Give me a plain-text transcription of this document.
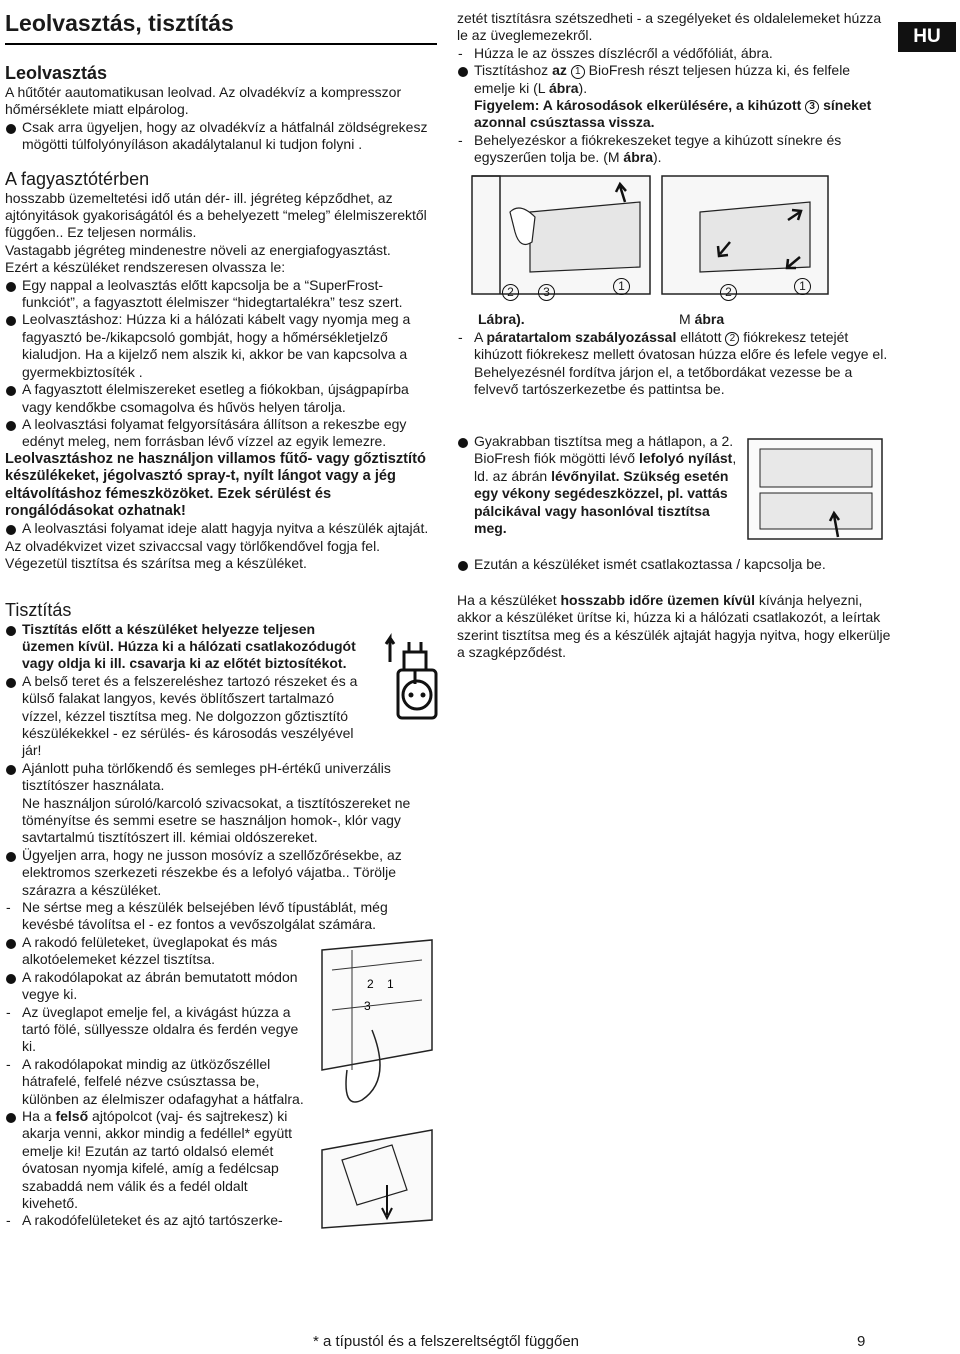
HU
Leolvasztás, tisztítás
Leolvasztás

A hűtőtér aautomatikusan leolvad. Az olvadékvíz a kompresszor hőmérséklete miatt elpárolog.

Csak arra ügyeljen, hogy az olvadékvíz a hátfalnál zöldségrekesz mögötti túlfolyónyíláson akadálytalanul ki tudjon folyni .
A fagyasztótérben

hosszabb üzemeltetési idő után dér- ill. jégréteg képződhet, az ajtónyitások gyakoriságától és a behelyezett “meleg” élelmiszerektől függően.. Ez teljesen normális.

Vastagabb jégréteg mindenestre növeli az energiafogyasztást.

Ezért a készüléket rendszeresen olvassza le:

Egy nappal a leolvasztás előtt kapcsolja be a “SuperFrost-funkciót”, a fagyasztott élelmiszer “hidegtartalékra” tesz szert.
Leolvasztáshoz: Húzza ki a hálózati kábelt vagy nyomja meg a fagyasztó be-/kikapcsoló gombját, hogy a hőmérsékletjelző kialudjon. Ha a kijelző nem alszik ki, akkor be van kapcsolva a gyermekbiztosíték .
A fagyasztott élelmiszereket esetleg a fiókokban, újságpapírba vagy kendőkbe csomagolva és hűvös helyen tárolja.
A leolvasztási folyamat felgyorsítására állítson a rekeszbe egy edényt meleg, nem forrásban lévő vízzel az egyik lemezre.

Leolvasztáshoz ne használjon villamos fűtő- vagy gőztisztító készülékeket, jégolvasztó spray-t, nyílt lángot vagy a jég eltávolításhoz fémeszközöket. Ezek sérülést és rongálódásokat ozhatnak!

A leolvasztási folyamat ideje alatt hagyja nyitva a készülék ajtaját.

Az olvadékvizet vizet szivaccsal vagy törlőkendővel fogja fel. Végezetül tisztítsa és szárítsa meg a készüléket.

Tisztítás
Tisztítás előtt a készüléket helyezze teljesen üzemen kívül. Húzza ki a hálózati csatlakozódugót vagy oldja ki ill. csavarja ki az előtét biztosítékot.
A belső teret és a felszereléshez tartozó részeket és a külső falakat langyos, kevés öblítőszert tartalmazó vízzel, kézzel tisztítsa meg. Ne dolgozzon gőztisztító készülékekkel - ez sérülés- és károsodás veszélyével jár!
Ajánlott puha törlőkendő és semleges pH-értékű univerzális tisztítószer használata.

Ne használjon súroló/karcoló szivacsokat, a tisztítószereket ne töményítse és semmi esetre se használjon homok-, klór vagy savtartalmú tisztítószert ill. kémiai oldószereket.

Ügyeljen arra, hogy ne jusson mosóvíz a szellőzőrésekbe, az elektromos szerkezeti részekbe és a lefolyó vájatba.. Törölje szárazra a készüléket.
- Ne sértse meg a készülék belsejében lévő típustáblát, még kevésbé távolítsa el - ez fontos a vevőszolgálat számára.
A rakodó felületeket, üveglapokat és más alkotóelemeket kézzel tisztítsa.
A rakodólapokat az ábrán bemutatott módon vegye ki.
- Az üveglapot emelje fel, a kivágást húzza a tartó fölé, süllyessze oldalra és ferdén vegye ki.
- A rakodólapokat mindig az ütközőszéllel hátrafelé, felfelé nézve csúsztassa be, különben az élelmiszer odafagyhat a hátfalra.
Ha a felső ajtópolcot (vaj- és sajtrekesz) ki akarja venni, akkor mindig a fedéllel* együtt emelje ki! Ezután az tartó oldalsó elemét óvatosan nyomja kifelé, amíg a fedélcsap szabaddá nem válik és a fedél oldalt kivehető.
- A rakodófelületeket és az ajtó tartószerke-
2 1
3

zetét tisztításra szétszedheti - a szegélyeket és oldalelemeket húzza le az üveglemezekről.

- Húzza le az összes díszlécről a védőfóliát, ábra.
Tisztításhoz az 1 BioFresh részt teljesen húzza ki, és felfele emelje ki (L ábra).

Figyelem: A károsodások elkerülésére, a kihúzott 3 síneket azonnal csúsztassa vissza.

- Behelyezéskor a fiókrekeszeket tegye a kihúzott sínekre és egyszerűen tolja be. (M ábra).
2	3	1	2	1
Lábra).	M ábra
- A páratartalom szabályozással ellátott 2 fiókrekesz tetejét kihúzott fiókrekesz mellett óvatosan húzza előre és lefele vegye el.

Behelyezésnél fordítva járjon el, a tetőbordákat vezesse be a felvevő tartószerkezetbe és pattintsa be.

Gyakrabban tisztítsa meg a hátlapon, a 2. BioFresh fiók mögötti lévő lefolyó nyílást, ld. az ábrán lévőnyilat. Szükség esetén egy vékony segédeszközzel, pl. vattás pálcikával vagy hasonlóval tisztítsa meg.
Ezután a készüléket ismét csatlakoztassa / kapcsolja be.
Ha a készüléket hosszabb időre üzemen kívül kívánja helyezni, akkor a készüléket ürítse ki, húzza ki a hálózati csatlakozót, a leírtak szerint tisztítsa meg és a készülék ajtaját hagyja nyitva, hogy elkerülje a szagképződést.
* a típustól és a felszereltségtől függően	9
